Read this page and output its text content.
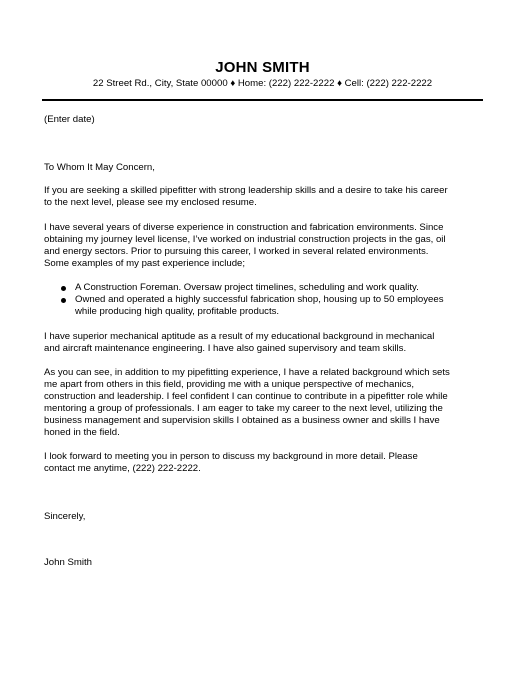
JOHN SMITH
22 Street Rd., City, State 00000 ♦ Home: (222) 222-2222 ♦ Cell: (222) 222-2222
(Enter date)
To Whom It May Concern,
If you are seeking a skilled pipefitter with strong leadership skills and a desire to take his career
to the next level, please see my enclosed resume.
I have several years of diverse experience in construction and fabrication environments. Since
obtaining my journey level license, I’ve worked on industrial construction projects in the gas, oil
and energy sectors. Prior to pursuing this career, I worked in several related environments.
Some examples of my past experience include;
A Construction Foreman. Oversaw project timelines, scheduling and work quality.
Owned and operated a highly successful fabrication shop, housing up to 50 employees
while producing high quality, profitable products.
I have superior mechanical aptitude as a result of my educational background in mechanical
and aircraft maintenance engineering. I have also gained supervisory and team skills.
As you can see, in addition to my pipefitting experience, I have a related background which sets
me apart from others in this field, providing me with a unique perspective of mechanics,
construction and leadership. I feel confident I can continue to contribute in a pipefitter role while
mentoring a group of professionals. I am eager to take my career to the next level, utilizing the
business management and supervision skills I obtained as a business owner and skills I have
honed in the field.
I look forward to meeting you in person to discuss my background in more detail. Please
contact me anytime, (222) 222-2222.
Sincerely,
John Smith
